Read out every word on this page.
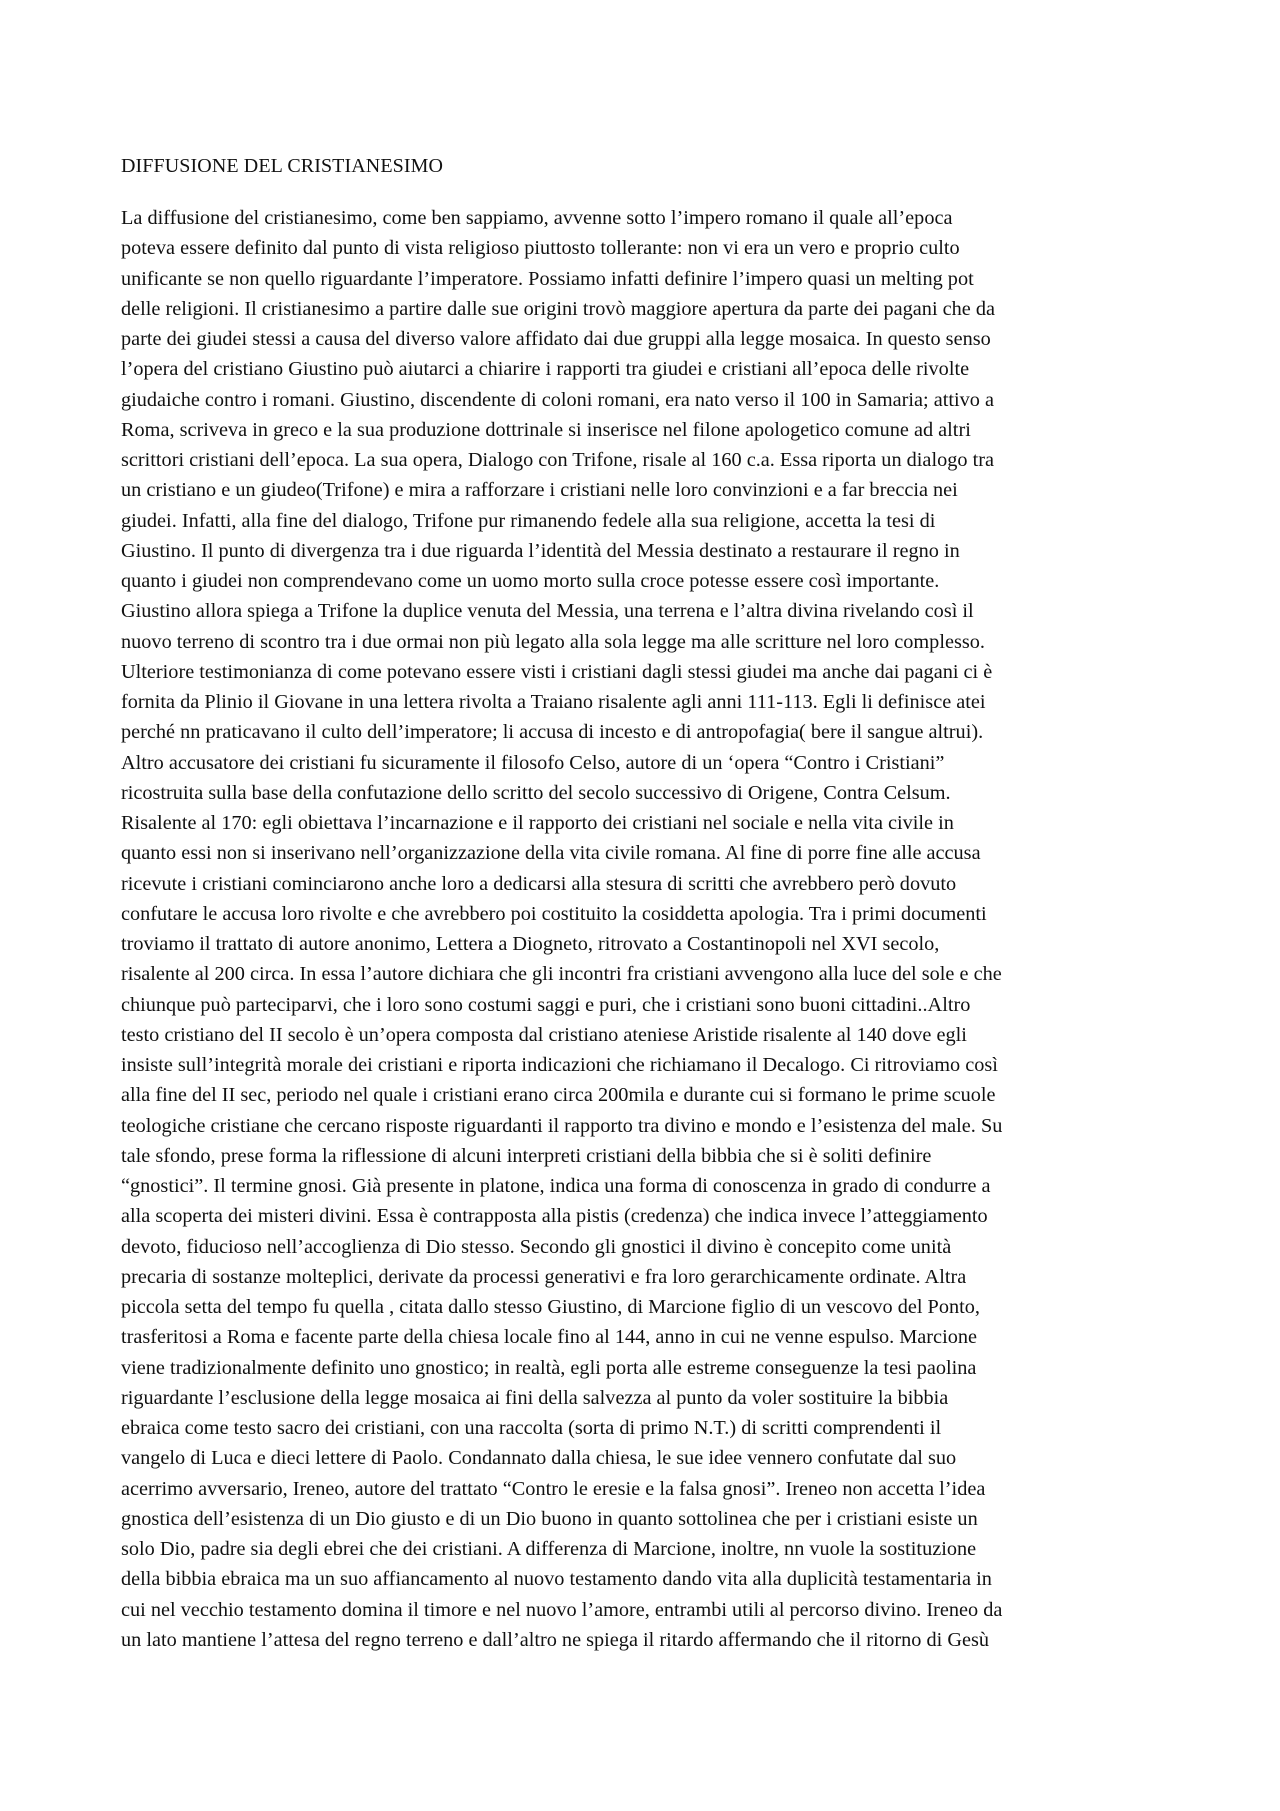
DIFFUSIONE DEL CRISTIANESIMO
La diffusione del cristianesimo, come ben sappiamo, avvenne sotto l’impero romano il quale all’epoca
poteva essere definito dal punto di vista religioso piuttosto tollerante: non vi era un vero e proprio culto
unificante se non quello riguardante l’imperatore. Possiamo infatti definire l’impero quasi un melting pot
delle religioni. Il cristianesimo a partire dalle sue origini trovò maggiore apertura da parte dei pagani che da
parte dei giudei stessi a causa del diverso valore affidato dai due gruppi alla legge mosaica. In questo senso
l’opera del cristiano Giustino può aiutarci a chiarire i rapporti tra giudei e cristiani all’epoca delle rivolte
giudaiche contro i romani. Giustino, discendente di coloni romani, era nato verso il 100 in Samaria; attivo a
Roma, scriveva in greco e la sua produzione dottrinale si inserisce nel filone apologetico comune ad altri
scrittori cristiani dell’epoca. La sua opera, Dialogo con Trifone, risale al 160 c.a. Essa riporta un dialogo tra
un cristiano e un giudeo(Trifone) e mira a rafforzare i cristiani nelle loro convinzioni e a far breccia nei
giudei. Infatti, alla fine del dialogo, Trifone pur rimanendo fedele alla sua religione, accetta la tesi di
Giustino. Il punto di divergenza tra i due riguarda l’identità del Messia destinato a restaurare il regno in
quanto i giudei non comprendevano come un uomo morto sulla croce potesse essere così importante.
Giustino allora spiega a Trifone la duplice venuta del Messia, una terrena e l’altra divina rivelando così il
nuovo terreno di scontro tra i due ormai non più legato alla sola legge ma alle scritture nel loro complesso.
Ulteriore testimonianza di come potevano essere visti i cristiani dagli stessi giudei ma anche dai pagani ci è
fornita da Plinio il Giovane in una lettera rivolta a Traiano risalente agli anni 111-113. Egli li definisce atei
perché nn praticavano il culto dell’imperatore; li accusa di incesto e di antropofagia( bere il sangue altrui).
Altro accusatore dei cristiani fu sicuramente il filosofo Celso, autore di un ‘opera “Contro i Cristiani”
ricostruita sulla base della confutazione dello scritto del secolo successivo di Origene, Contra Celsum.
Risalente al 170: egli obiettava l’incarnazione e il rapporto dei cristiani nel sociale e nella vita civile in
quanto essi non si inserivano nell’organizzazione della vita civile romana. Al fine di porre fine alle accusa
ricevute i cristiani cominciarono anche loro a dedicarsi alla stesura di scritti che avrebbero però dovuto
confutare le accusa loro rivolte e che avrebbero poi costituito la cosiddetta apologia. Tra i primi documenti
troviamo il trattato di autore anonimo, Lettera a Diogneto, ritrovato a Costantinopoli nel XVI secolo,
risalente al 200 circa. In essa l’autore dichiara che gli incontri fra cristiani avvengono alla luce del sole e che
chiunque può parteciparvi, che i loro sono costumi saggi e puri, che i cristiani sono buoni cittadini..Altro
testo cristiano del II secolo è un’opera composta dal cristiano ateniese Aristide risalente al 140 dove egli
insiste sull’integrità morale dei cristiani e riporta indicazioni che richiamano il Decalogo. Ci ritroviamo così
alla fine del II sec, periodo nel quale i cristiani erano circa 200mila e durante cui si formano le prime scuole
teologiche cristiane che cercano risposte riguardanti il rapporto tra divino e mondo e l’esistenza del male. Su
tale sfondo, prese forma la riflessione di alcuni interpreti cristiani della bibbia che si è soliti definire
“gnostici”. Il termine gnosi. Già presente in platone, indica una forma di conoscenza in grado di condurre a
alla scoperta dei misteri divini. Essa è contrapposta alla pistis (credenza) che indica invece l’atteggiamento
devoto, fiducioso nell’accoglienza di Dio stesso. Secondo gli gnostici il divino è concepito come unità
precaria di sostanze molteplici, derivate da processi generativi e fra loro gerarchicamente ordinate. Altra
piccola setta del tempo fu quella , citata dallo stesso Giustino, di Marcione figlio di un vescovo del Ponto,
trasferitosi a Roma e facente parte della chiesa locale fino al 144, anno in cui ne venne espulso. Marcione
viene tradizionalmente definito uno gnostico; in realtà, egli porta alle estreme conseguenze la tesi paolina
riguardante l’esclusione della legge mosaica ai fini della salvezza al punto da voler sostituire la bibbia
ebraica come testo sacro dei cristiani, con una raccolta (sorta di primo N.T.) di scritti comprendenti il
vangelo di Luca e dieci lettere di Paolo. Condannato dalla chiesa, le sue idee vennero confutate dal suo
acerrimo avversario, Ireneo, autore del trattato “Contro le eresie e la falsa gnosi”. Ireneo non accetta l’idea
gnostica dell’esistenza di un Dio giusto e di un Dio buono in quanto sottolinea che per i cristiani esiste un
solo Dio, padre sia degli ebrei che dei cristiani. A differenza di Marcione, inoltre, nn vuole la sostituzione
della bibbia ebraica ma un suo affiancamento al nuovo testamento dando vita alla duplicità testamentaria in
cui nel vecchio testamento domina il timore e nel nuovo l’amore, entrambi utili al percorso divino. Ireneo da
un lato mantiene l’attesa del regno terreno e dall’altro ne spiega il ritardo affermando che il ritorno di Gesù
